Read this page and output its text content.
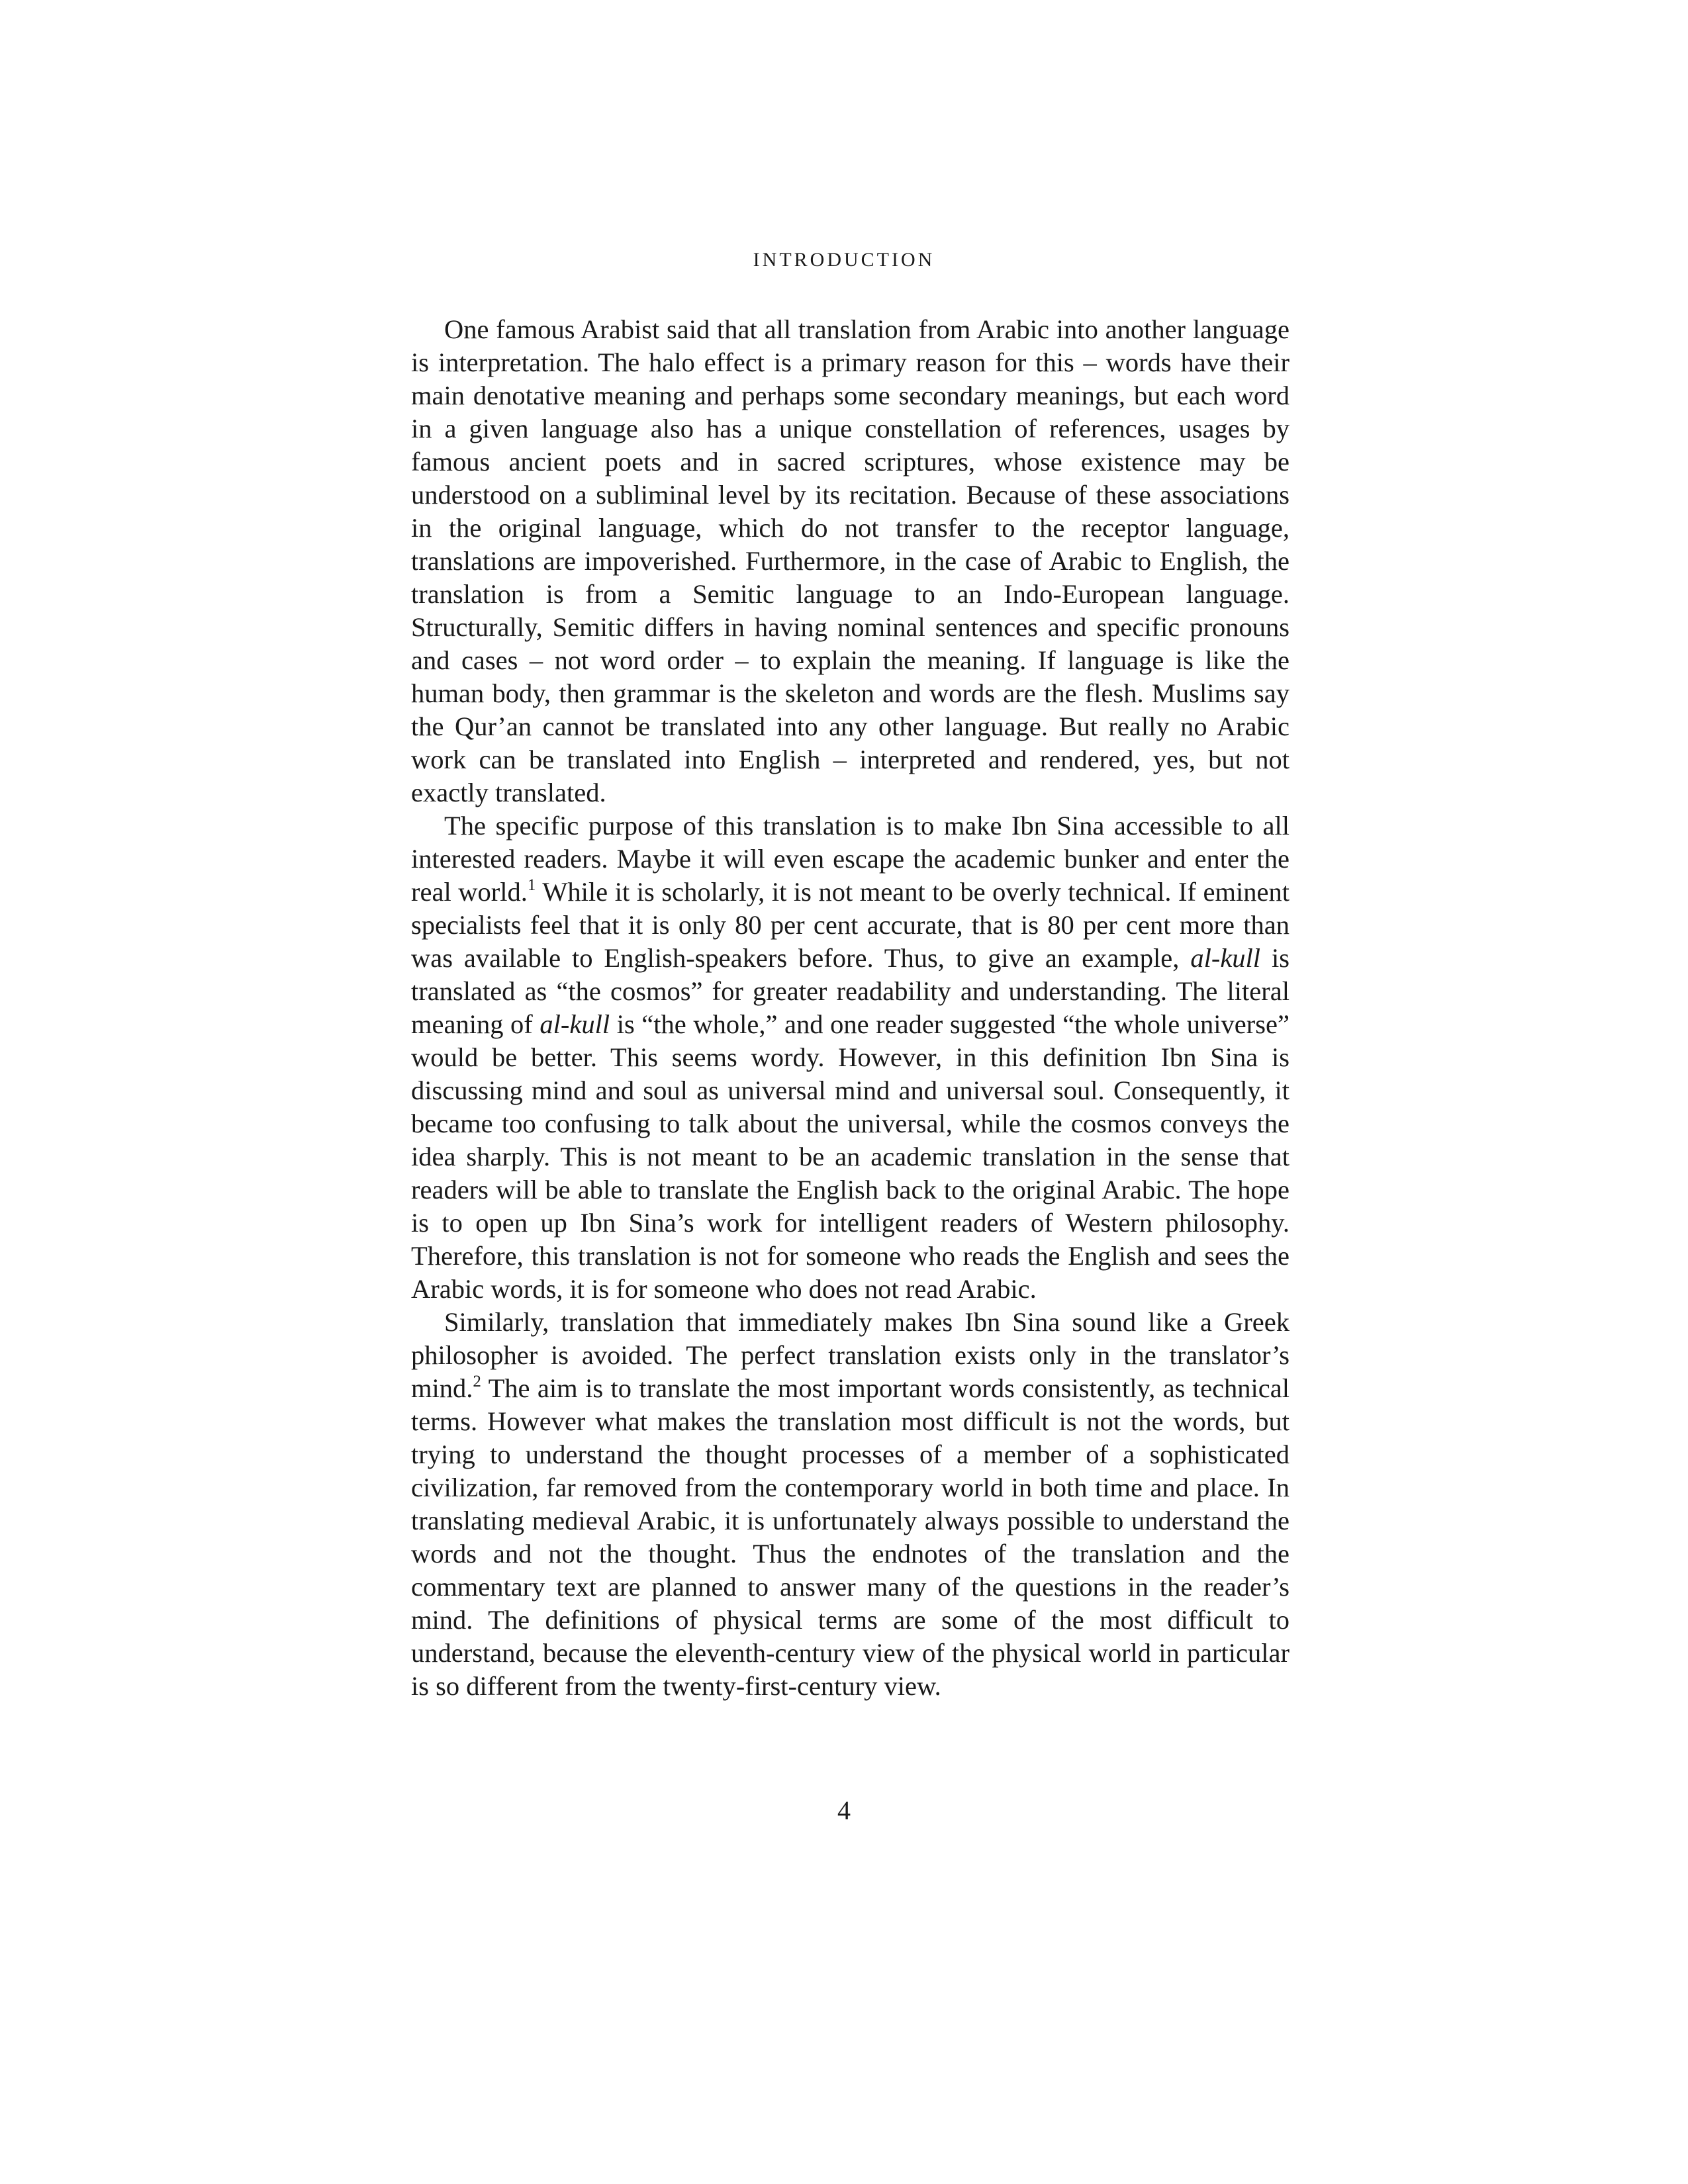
INTRODUCTION

One famous Arabist said that all translation from Arabic into another language is interpretation. The halo effect is a primary reason for this – words have their main denotative meaning and perhaps some secondary meanings, but each word in a given language also has a unique constellation of references, usages by famous ancient poets and in sacred scriptures, whose existence may be understood on a subliminal level by its recitation. Because of these associations in the original language, which do not transfer to the receptor language, translations are impoverished. Furthermore, in the case of Arabic to English, the translation is from a Semitic language to an Indo-European language. Structurally, Semitic differs in having nominal sentences and specific pronouns and cases – not word order – to explain the meaning. If language is like the human body, then grammar is the skeleton and words are the flesh. Muslims say the Qur’an cannot be translated into any other language. But really no Arabic work can be translated into English – interpreted and rendered, yes, but not exactly translated.

The specific purpose of this translation is to make Ibn Sina accessible to all interested readers. Maybe it will even escape the academic bunker and enter the real world.$^1$ While it is scholarly, it is not meant to be overly technical. If eminent specialists feel that it is only 80 per cent accurate, that is 80 per cent more than was available to English-speakers before. Thus, to give an example, al-kull is translated as “the cosmos” for greater readability and understanding. The literal meaning of al-kull is “the whole,” and one reader suggested “the whole universe” would be better. This seems wordy. However, in this definition Ibn Sina is discussing mind and soul as universal mind and universal soul. Consequently, it became too confusing to talk about the universal, while the cosmos conveys the idea sharply. This is not meant to be an academic translation in the sense that readers will be able to translate the English back to the original Arabic. The hope is to open up Ibn Sina’s work for intelligent readers of Western philosophy. Therefore, this translation is not for someone who reads the English and sees the Arabic words, it is for someone who does not read Arabic.

Similarly, translation that immediately makes Ibn Sina sound like a Greek philosopher is avoided. The perfect translation exists only in the translator’s mind.$^2$ The aim is to translate the most important words consistently, as technical terms. However what makes the translation most difficult is not the words, but trying to understand the thought processes of a member of a sophisticated civilization, far removed from the contemporary world in both time and place. In translating medieval Arabic, it is unfortunately always possible to understand the words and not the thought. Thus the endnotes of the translation and the commentary text are planned to answer many of the questions in the reader’s mind. The definitions of physical terms are some of the most difficult to understand, because the eleventh-century view of the physical world in particular is so different from the twenty-first-century view.

4
